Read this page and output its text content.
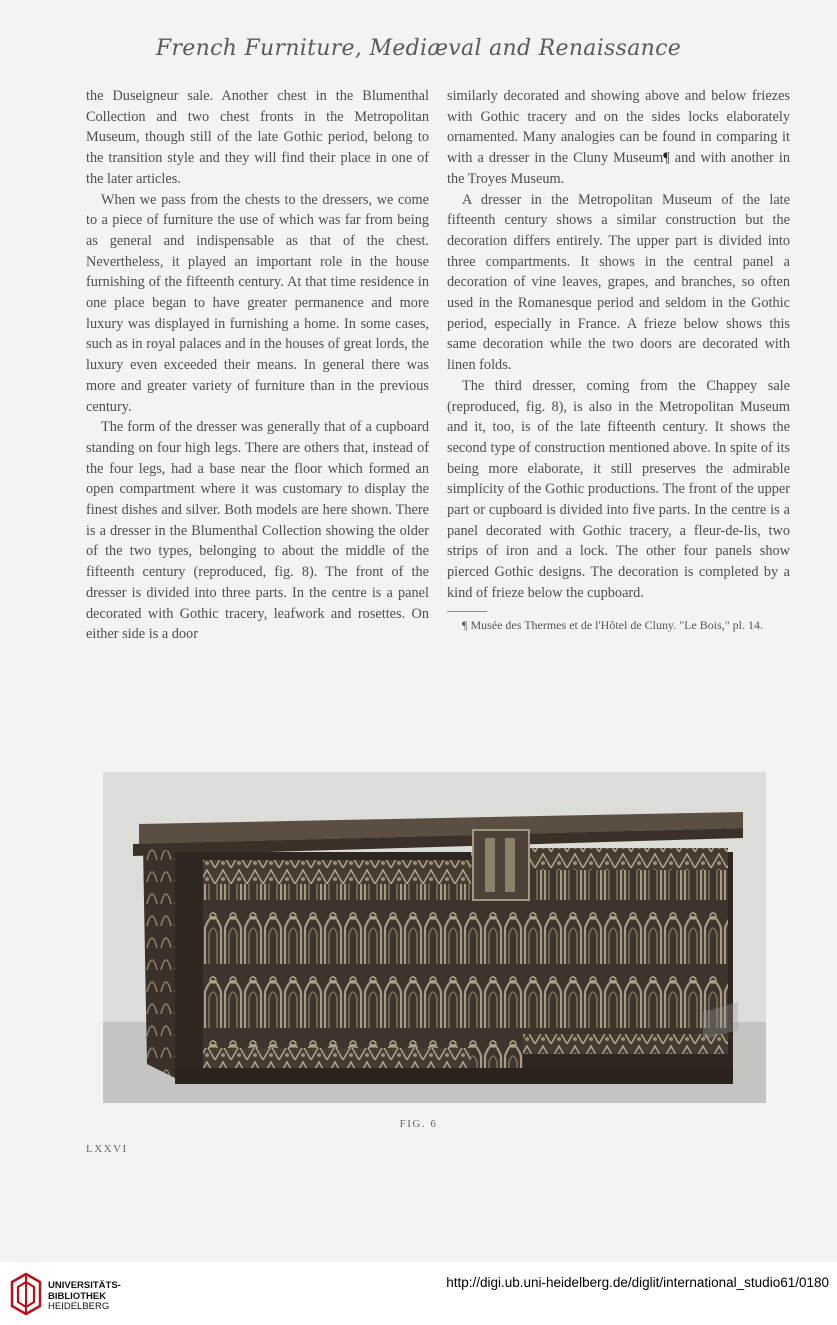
French Furniture, Mediæval and Renaissance

the Duseigneur sale. Another chest in the Blumenthal Collection and two chest fronts in the Metropolitan Museum, though still of the late Gothic period, belong to the transition style and they will find their place in one of the later articles.

When we pass from the chests to the dressers, we come to a piece of furniture the use of which was far from being as general and indispensable as that of the chest. Nevertheless, it played an important role in the house furnishing of the fifteenth century. At that time residence in one place began to have greater permanence and more luxury was displayed in furnishing a home. In some cases, such as in royal palaces and in the houses of great lords, the luxury even exceeded their means. In general there was more and greater variety of furniture than in the previous century.

The form of the dresser was generally that of a cupboard standing on four high legs. There are others that, instead of the four legs, had a base near the floor which formed an open compartment where it was customary to display the finest dishes and silver. Both models are here shown. There is a dresser in the Blumenthal Collection showing the older of the two types, belonging to about the middle of the fifteenth century (reproduced, fig. 8). The front of the dresser is divided into three parts. In the centre is a panel decorated with Gothic tracery, leafwork and rosettes. On either side is a door

similarly decorated and showing above and below friezes with Gothic tracery and on the sides locks elaborately ornamented. Many analogies can be found in comparing it with a dresser in the Cluny Museum¶ and with another in the Troyes Museum.

A dresser in the Metropolitan Museum of the late fifteenth century shows a similar construction but the decoration differs entirely. The upper part is divided into three compartments. It shows in the central panel a decoration of vine leaves, grapes, and branches, so often used in the Romanesque period and seldom in the Gothic period, especially in France. A frieze below shows this same decoration while the two doors are decorated with linen folds.

The third dresser, coming from the Chappey sale (reproduced, fig. 8), is also in the Metropolitan Museum and it, too, is of the late fifteenth century. It shows the second type of construction mentioned above. In spite of its being more elaborate, it still preserves the admirable simplicity of the Gothic productions. The front of the upper part or cupboard is divided into five parts. In the centre is a panel decorated with Gothic tracery, a fleur-de-lis, two strips of iron and a lock. The other four panels show pierced Gothic designs. The decoration is completed by a kind of frieze below the cupboard.

¶ Musée des Thermes et de l'Hôtel de Cluny. "Le Bois," pl. 14.

FIG. 6
LXXVI
UNIVERSITÄTS-
BIBLIOTHEK
HEIDELBERG
http://digi.ub.uni-heidelberg.de/diglit/international_studio61/0180
